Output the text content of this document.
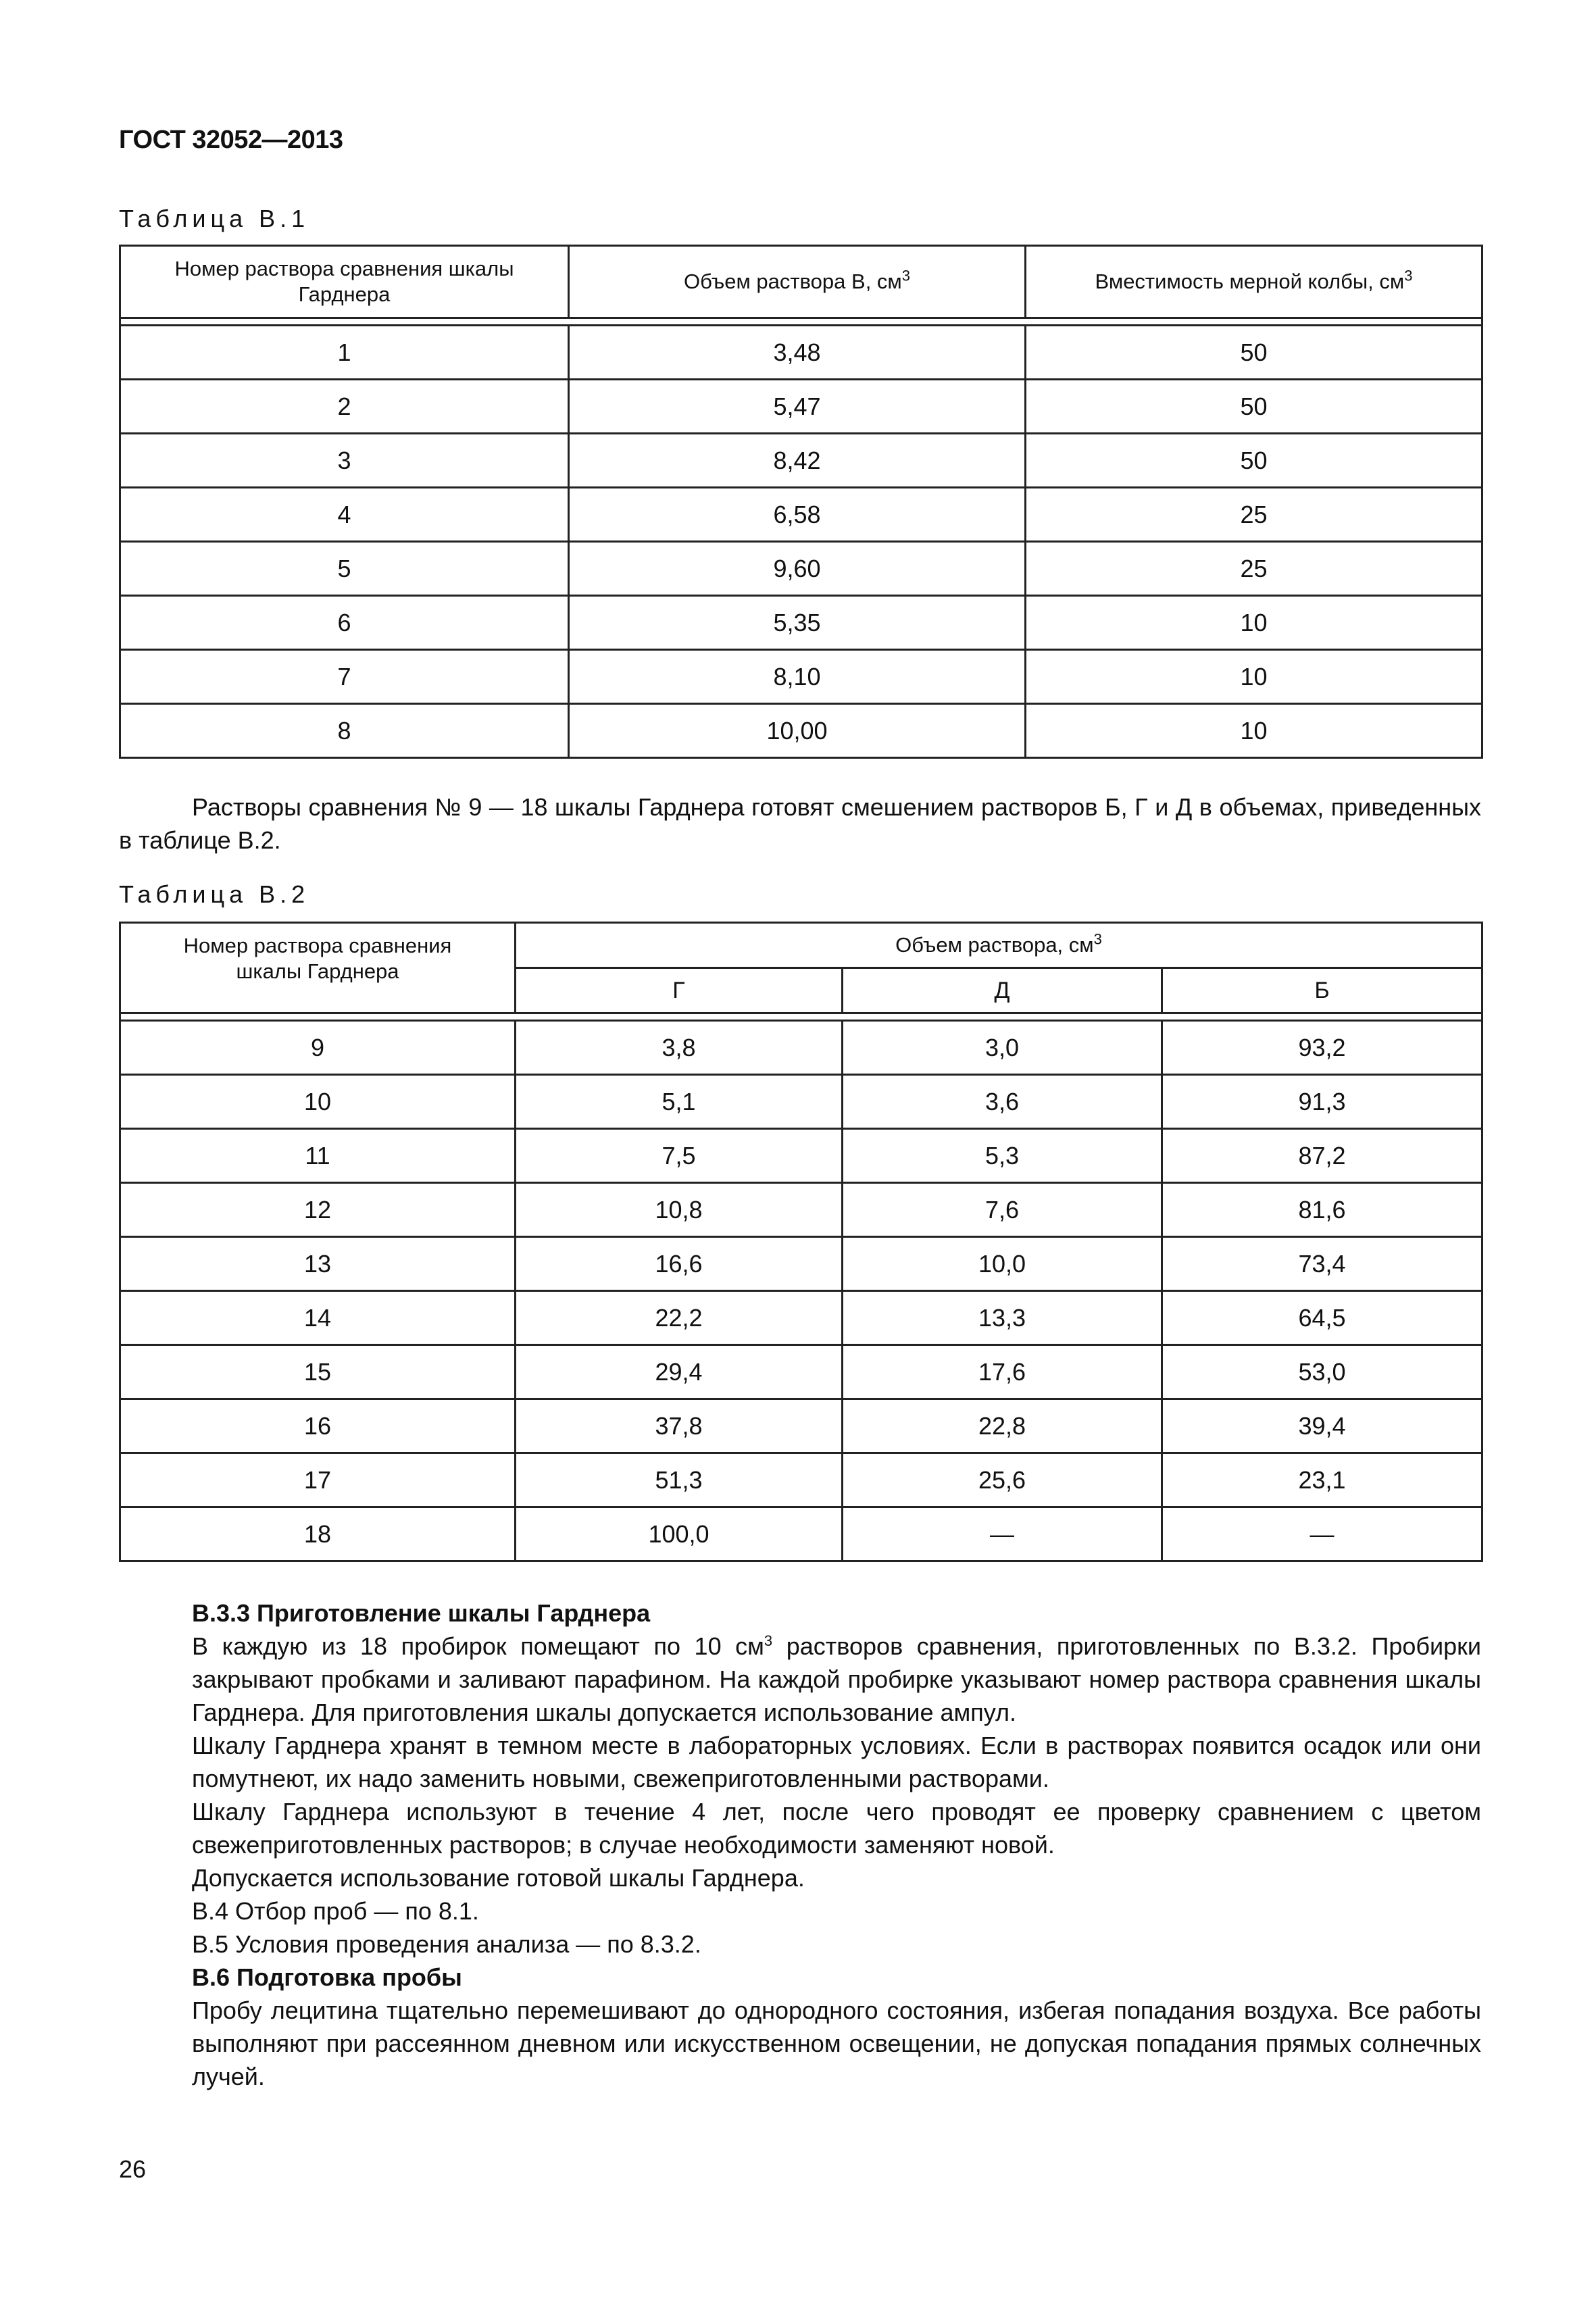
ГОСТ 32052—2013
Таблица В.1
Номер раствора сравнения шкалы Гарднера	Объем раствора В, $см^3$	Вместимость мерной колбы, $см^3$

1	3,48	50
2	5,47	50
3	8,42	50
4	6,58	25
5	9,60	25
6	5,35	10
7	8,10	10
8	10,00	10
Растворы сравнения № 9 — 18 шкалы Гарднера готовят смешением растворов Б, Г и Д в объемах, приведенных в таблице В.2.
Таблица В.2
Номер раствора сравнения шкалы Гарднера	Объем раствора, $см^3$
	Г	Д	Б

9	3,8	3,0	93,2
10	5,1	3,6	91,3
11	7,5	5,3	87,2
12	10,8	7,6	81,6
13	16,6	10,0	73,4
14	22,2	13,3	64,5
15	29,4	17,6	53,0
16	37,8	22,8	39,4
17	51,3	25,6	23,1
18	100,0	—	—
В.3.3 Приготовление шкалы Гарднера
В каждую из 18 пробирок помещают по 10 $см^3$ растворов сравнения, приготовленных по В.3.2. Пробирки закрывают пробками и заливают парафином. На каждой пробирке указывают номер раствора сравнения шкалы Гарднера. Для приготовления шкалы допускается использование ампул.
Шкалу Гарднера хранят в темном месте в лабораторных условиях. Если в растворах появится осадок или они помутнеют, их надо заменить новыми, свежеприготовленными растворами.
Шкалу Гарднера используют в течение 4 лет, после чего проводят ее проверку сравнением с цветом свежеприготовленных растворов; в случае необходимости заменяют новой.
Допускается использование готовой шкалы Гарднера.
В.4 Отбор проб — по 8.1.
В.5 Условия проведения анализа — по 8.3.2.
В.6 Подготовка пробы
Пробу лецитина тщательно перемешивают до однородного состояния, избегая попадания воздуха. Все работы выполняют при рассеянном дневном или искусственном освещении, не допуская попадания прямых солнечных лучей.
26
